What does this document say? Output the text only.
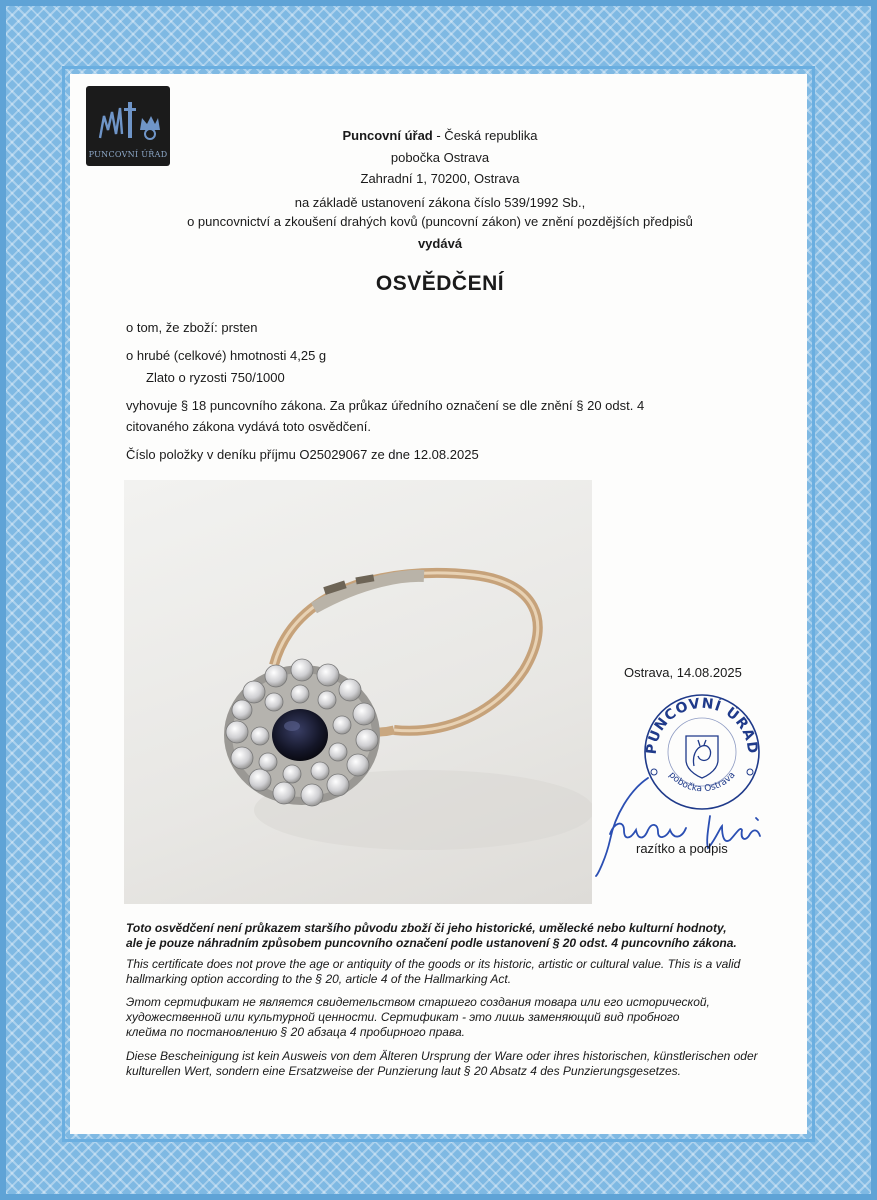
PUNCOVNÍ ÚŘAD
Puncovní úřad - Česká republika
pobočka Ostrava
Zahradní 1, 70200, Ostrava
na základě ustanovení zákona číslo 539/1992 Sb.,
o puncovnictví a zkoušení drahých kovů (puncovní zákon) ve znění pozdějších předpisů
vydává
OSVĚDČENÍ
o tom, že zboží: prsten
o hrubé (celkové) hmotnosti 4,25 g
Zlato o ryzosti 750/1000
vyhovuje § 18 puncovního zákona. Za průkaz úředního označení se dle znění § 20 odst. 4
citovaného zákona vydává toto osvědčení.
Číslo položky v deníku příjmu O25029067 ze dne 12.08.2025
Ostrava, 14.08.2025
PUNCOVNÍ ÚŘAD
pobočka Ostrava
razítko a podpis
Toto osvědčení není průkazem staršího původu zboží či jeho historické, umělecké nebo kulturní hodnoty,
ale je pouze náhradním způsobem puncovního označení podle ustanovení § 20 odst. 4 puncovního zákona.
This certificate does not prove the age or antiquity of the goods or its historic, artistic or cultural value. This is a valid
hallmarking option according to the § 20, article 4 of the Hallmarking Act.
Этот сертификат не является свидетельством старшего создания товара или его исторической,
художественной или культурной ценности. Сертификат - это лишь заменяющий вид пробного
клейма по постановлению § 20 абзаца 4 пробирного права.
Diese Bescheinigung ist kein Ausweis von dem Älteren Ursprung der Ware oder ihres historischen, künstlerischen oder
kulturellen Wert, sondern eine Ersatzweise der Punzierung laut § 20 Absatz 4 des Punzierungsgesetzes.
